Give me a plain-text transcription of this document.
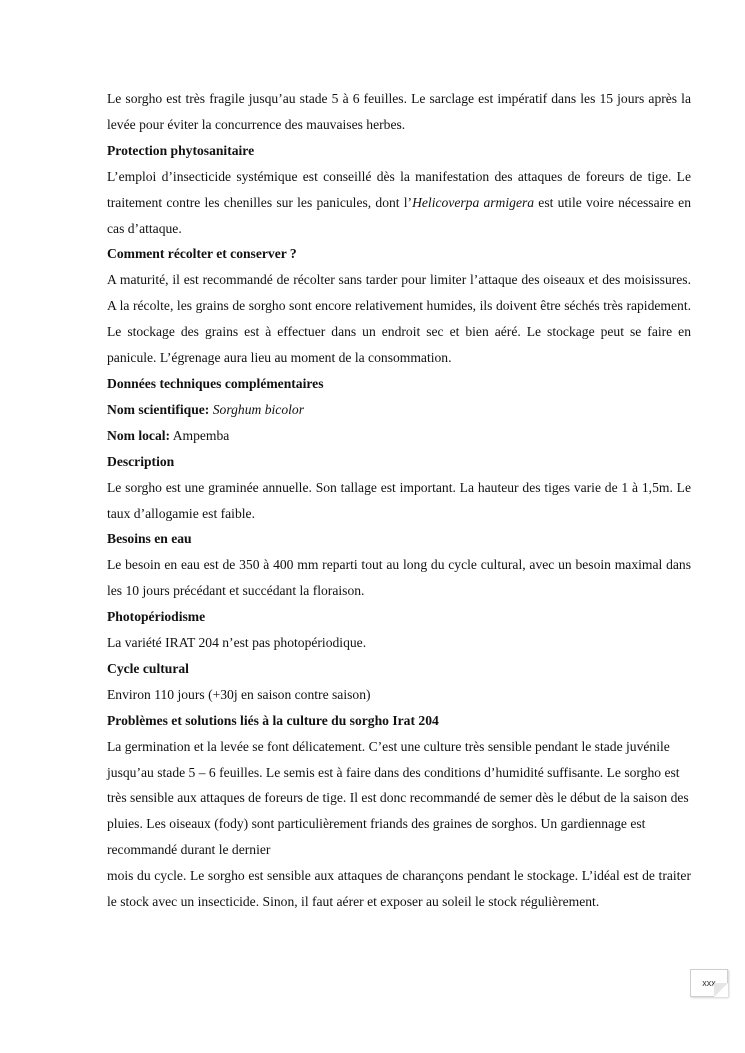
Le sorgho est très fragile jusqu’au stade 5 à 6 feuilles. Le sarclage est impératif dans les 15 jours après la levée pour éviter la concurrence des mauvaises herbes.

Protection phytosanitaire

L’emploi d’insecticide systémique est conseillé dès la manifestation des attaques de foreurs de tige. Le traitement contre les chenilles sur les panicules, dont l’Helicoverpa armigera est utile voire nécessaire en cas d’attaque.

Comment récolter et conserver ?

A maturité, il est recommandé de récolter sans tarder pour limiter l’attaque des oiseaux et des moisissures. A la récolte, les grains de sorgho sont encore relativement humides, ils doivent être séchés très rapidement. Le stockage des grains est à effectuer dans un endroit sec et bien aéré. Le stockage peut se faire en panicule. L’égrenage aura lieu au moment de la consommation.

Données techniques complémentaires
Nom scientifique: Sorghum bicolor
Nom local: Ampemba
Description

Le sorgho est une graminée annuelle. Son tallage est important. La hauteur des tiges varie de 1 à 1,5m. Le taux d’allogamie est faible.

Besoins en eau

Le besoin en eau est de 350 à 400 mm reparti tout au long du cycle cultural, avec un besoin maximal dans les 10 jours précédant et succédant la floraison.

Photopériodisme

La variété IRAT 204 n’est pas photopériodique.

Cycle cultural

Environ 110 jours (+30j en saison contre saison)

Problèmes et solutions liés à la culture du sorgho Irat 204

La germination et la levée se font délicatement. C’est une culture très sensible pendant le stade juvénile jusqu’au stade 5 – 6 feuilles. Le semis est à faire dans des conditions d’humidité suffisante. Le sorgho est très sensible aux attaques de foreurs de tige. Il est donc recommandé de semer dès le début de la saison des pluies. Les oiseaux (fody) sont particulièrement friands des graines de sorghos. Un gardiennage est recommandé durant le dernier

mois du cycle. Le sorgho est sensible aux attaques de charançons pendant le stockage. L’idéal est de traiter le stock avec un insecticide. Sinon, il faut aérer et exposer au soleil le stock régulièrement.

xxx
